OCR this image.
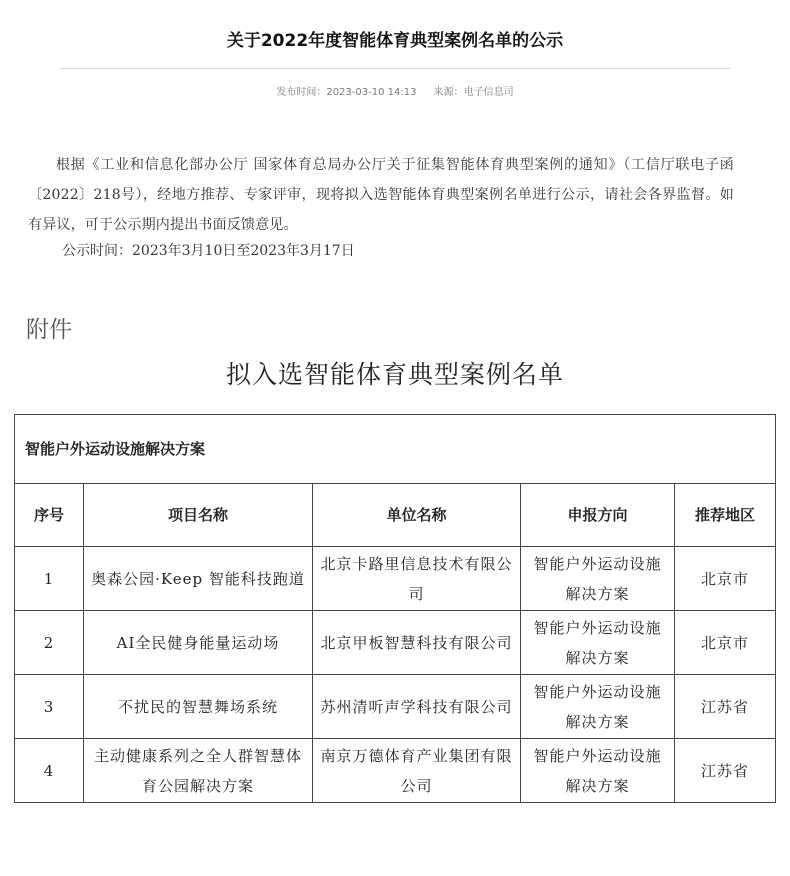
关于2022年度智能体育典型案例名单的公示
发布时间：2023-03-10 14:13 来源：电子信息司
根据《工业和信息化部办公厅 国家体育总局办公厅关于征集智能体育典型案例的通知》（工信厅联电子函〔2022〕218号），经地方推荐、专家评审，现将拟入选智能体育典型案例名单进行公示，请社会各界监督。如有异议，可于公示期内提出书面反馈意见。
公示时间：2023年3月10日至2023年3月17日
附件
拟入选智能体育典型案例名单
智能户外运动设施解决方案				
序号	项目名称	单位名称	申报方向	推荐地区
1	奥森公园·Keep 智能科技跑道	北京卡路里信息技术有限公司	智能户外运动设施解决方案	北京市
2	AI全民健身能量运动场	北京甲板智慧科技有限公司	智能户外运动设施解决方案	北京市
3	不扰民的智慧舞场系统	苏州清听声学科技有限公司	智能户外运动设施解决方案	江苏省
4	主动健康系列之全人群智慧体育公园解决方案	南京万德体育产业集团有限公司	智能户外运动设施解决方案	江苏省
